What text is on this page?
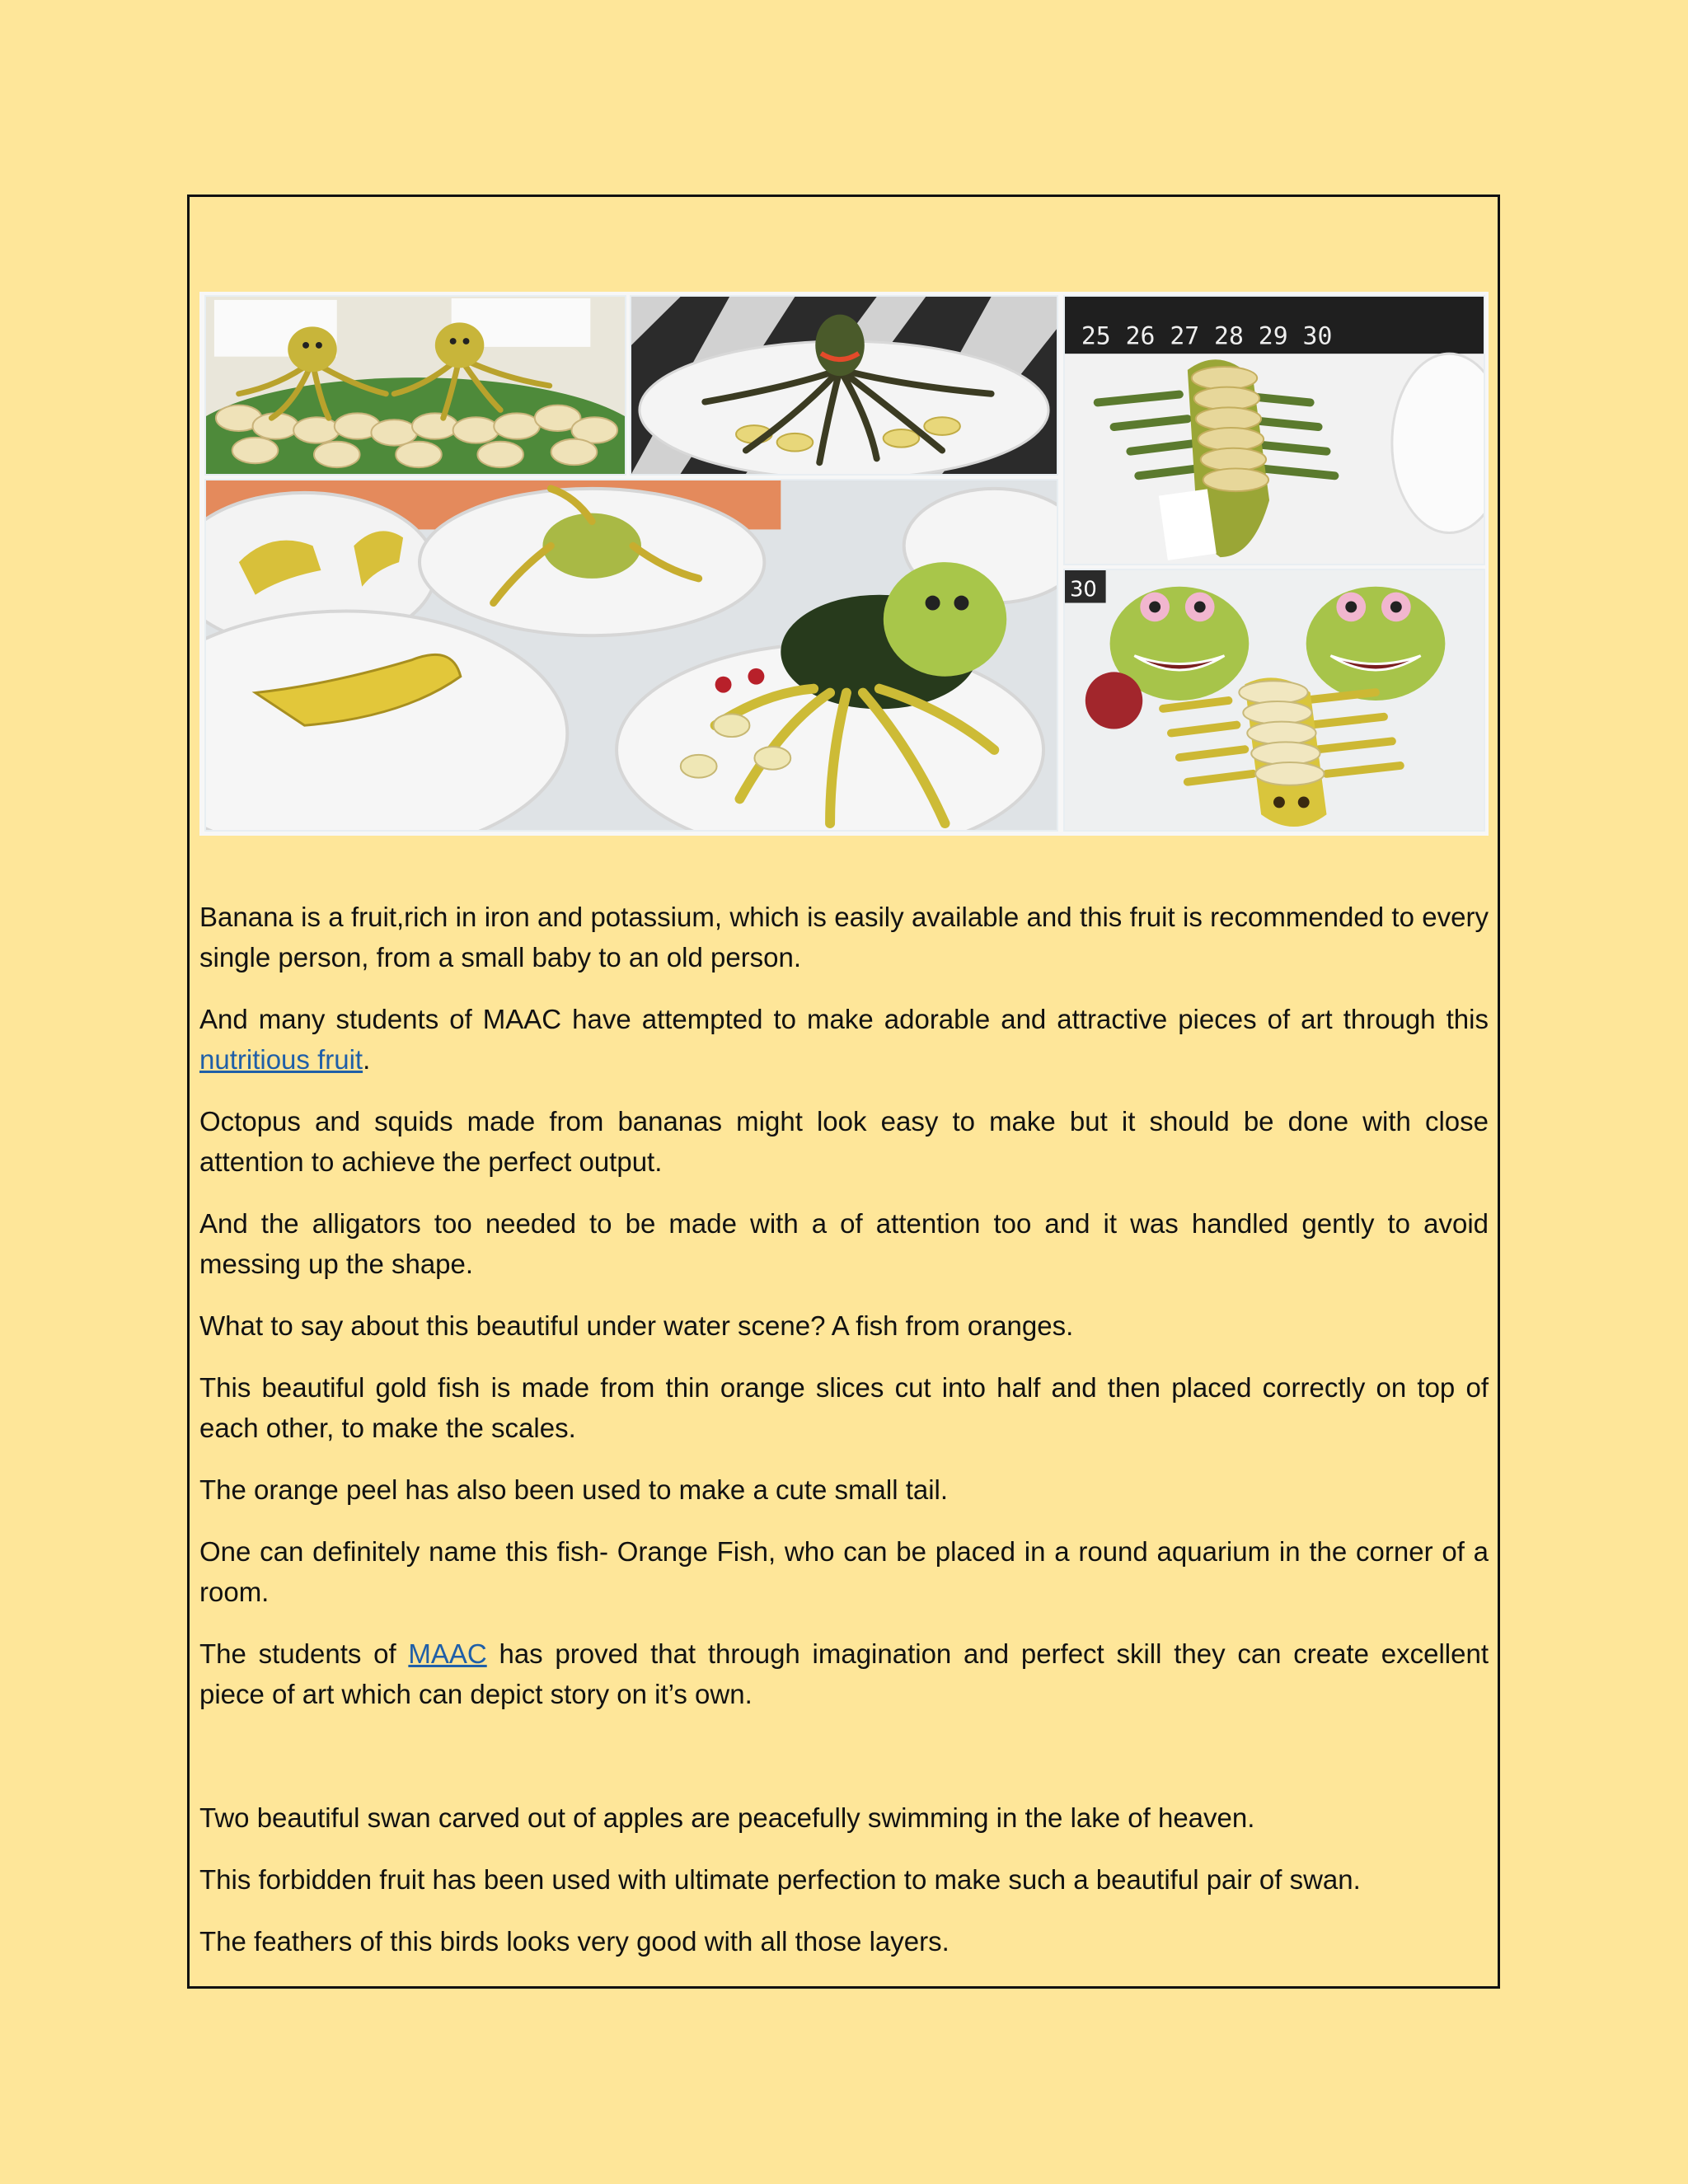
25 26 27 28 29 30
30

Banana is a fruit,rich in iron and potassium, which is easily available and this fruit is recommended to every single person, from a small baby to an old person.

And many students of MAAC have attempted to make adorable and attractive pieces of art through this nutritious fruit.

Octopus and squids made from bananas might look easy to make but it should be done with close attention to achieve the perfect output.

And the alligators too needed to be made with a of attention too and it was handled gently to avoid messing up the shape.

What to say about this beautiful under water scene? A fish from oranges.

This beautiful gold fish is made from thin orange slices cut into half and then placed correctly on top of each other, to make the scales.

The orange peel has also been used to make a cute small tail.

One can definitely name this fish- Orange Fish, who can be placed in a round aquarium in the corner of a room.

The students of MAAC has proved that through imagination and perfect skill they can create excellent piece of art which can depict story on it’s own.

Two beautiful swan carved out of apples are peacefully swimming in the lake of heaven.

This forbidden fruit has been used with ultimate perfection to make such a beautiful pair of swan.

The feathers of this birds looks very good with all those layers.
